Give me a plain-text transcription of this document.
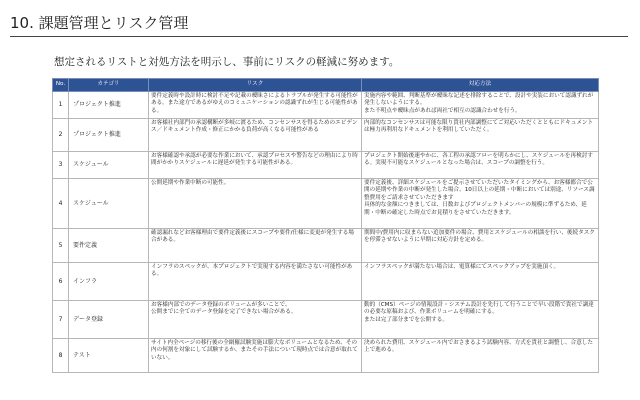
10. 課題管理とリスク管理
想定されるリストと対処方法を明示し、事前にリスクの軽減に努めます。
No.	カテゴリ	リスク	対応方法
1	プロジェクト推進	要件定義時や設計時に検討不足や記載の曖昧さによるトラブルが発生する可能性がある。また途方であるがゆえのコミュニケーションの認識ずれが生じる可能性がある。	実施内容や範囲、判断基準が曖昧な記述を排除することで、設計や実装において認識ずれが発生しないようにする。
また不明点や曖昧点があれば両社で相互の認識合わせを行う。
2	プロジェクト推進	お客様社内部門の承認構断が多岐に渡るため、コンセンサスを得るためのエビデンス／ドキュメント作成・修正にかかる負荷が高くなる可能性がある	内部的なコンセンサスは可能な限り貴社内部調整にてご対応いただくとともにドキュメントは極力再利用なドキュメントを利用していただく。
3	スケジュール	お客様確認や承認が必要な作業において、承認プロセスや警告などの理由により時間がかかりスケジュールに遅延が発生する可能性がある。	プロジェクト開始後速やかに、各工程の承認フローを明らかにし、スケジュールを再検討する。実現不可能なスケジュールとなった場合は、スコープの調整を行う。
4	スケジュール	公開延期や作業中断の可能性。	要件定義後、詳細スケジュールをご提示させていただいたタイミングから、お客様都合で公開の延期や作業の中断が発生した場合、10日以上の延期・中断においては別途、リソース調整費用をご請求させていただきます
具体的な金額につきましては、日数およびプロジェクトメンバーの規模に準ずるため、延期・中断の確定した時点でお見積りをさせていただきます。
5	要件定義	確認漏れなどお客様理由で要件定義後にスコープや要件/仕様に変更が発生する場合がある。	期間中/費用内に収まらない追加要件の場合、費用とスケジュールの相談を行い、後続タスクを停滞させないように早期に対応方針を定める。
6	インフラ	インフラのスペックが、本プロジェクトで実現する内容を満たさない可能性がある。	インフラスペックが満たない場合は、電算様にてスペックアップを実施頂く。
7	データ登録	お客様内部でのデータ登録のボリュームが多いことで、
公開までに全てのデータ登録を完了できない場合がある。	動的（CMS）ページの情報設計・システム設計を先行して行うことで早い段階で貴社で調達の必要な原稿および、作業ボリュームを明確にする。
または完了部分までを公開する。
8	テスト	サイト内全ページの移行後の全網羅試験実施は膨大なボリュームとなるため、その内の何割を対象にして試験するか、またその手法について現時点では合意が取れていない。	決められた費用、スケジュール内でおさまるよう試験内容、方式を貴社と調整し、合意した上で進める。
